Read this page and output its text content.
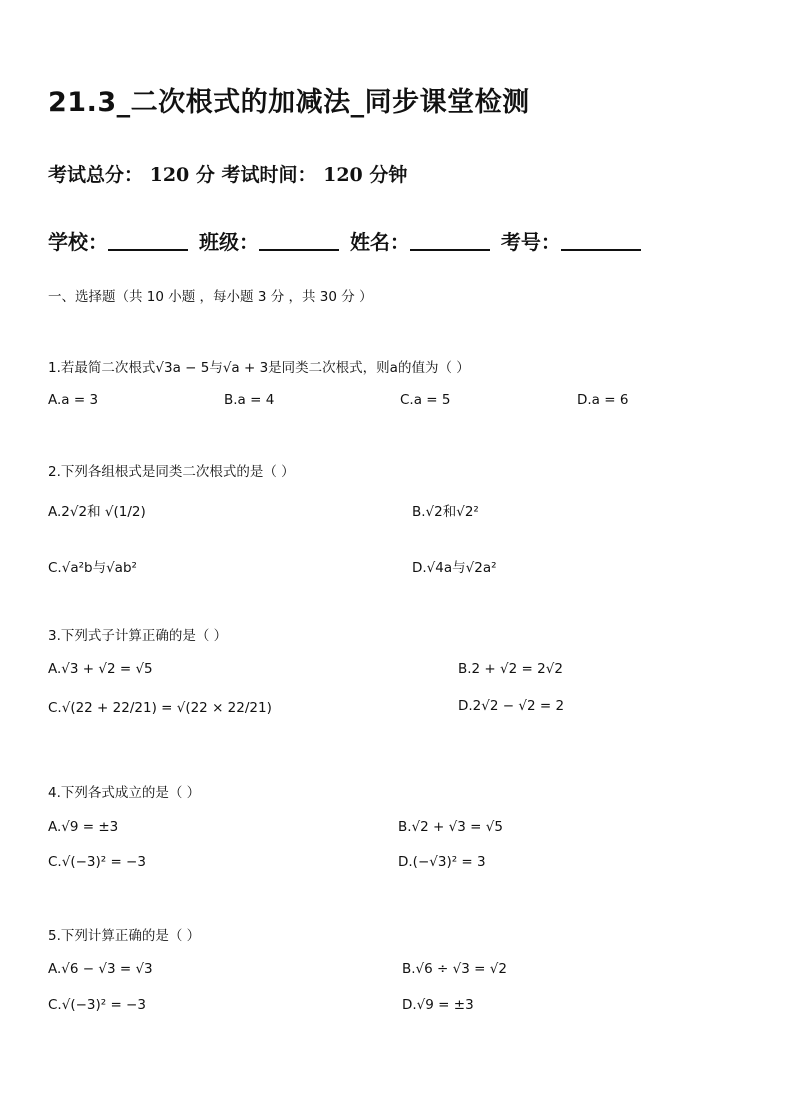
21.3_二次根式的加减法_同步课堂检测
考试总分： 120 分 考试时间： 120 分钟
学校：	班级：	姓名：	考号：
一、选择题（共 10 小题 ，每小题 3 分 ，共 30 分 ）
1.若最简二次根式√3a − 5与√a + 3是同类二次根式，则a的值为（ ）
A.a = 3	B.a = 4	C.a = 5	D.a = 6
2.下列各组根式是同类二次根式的是（ ）
A.2√2和 √(1/2)	B.√2和√2²
C.√a²b与√ab²	D.√4a与√2a²
3.下列式子计算正确的是（ ）
A.√3 + √2 = √5	B.2 + √2 = 2√2
C.√(22 + 22/21) = √(22 × 22/21)	D.2√2 − √2 = 2
4.下列各式成立的是（ ）
A.√9 = ±3	B.√2 + √3 = √5
C.√(−3)² = −3	D.(−√3)² = 3
5.下列计算正确的是（ ）
A.√6 − √3 = √3	B.√6 ÷ √3 = √2
C.√(−3)² = −3	D.√9 = ±3
